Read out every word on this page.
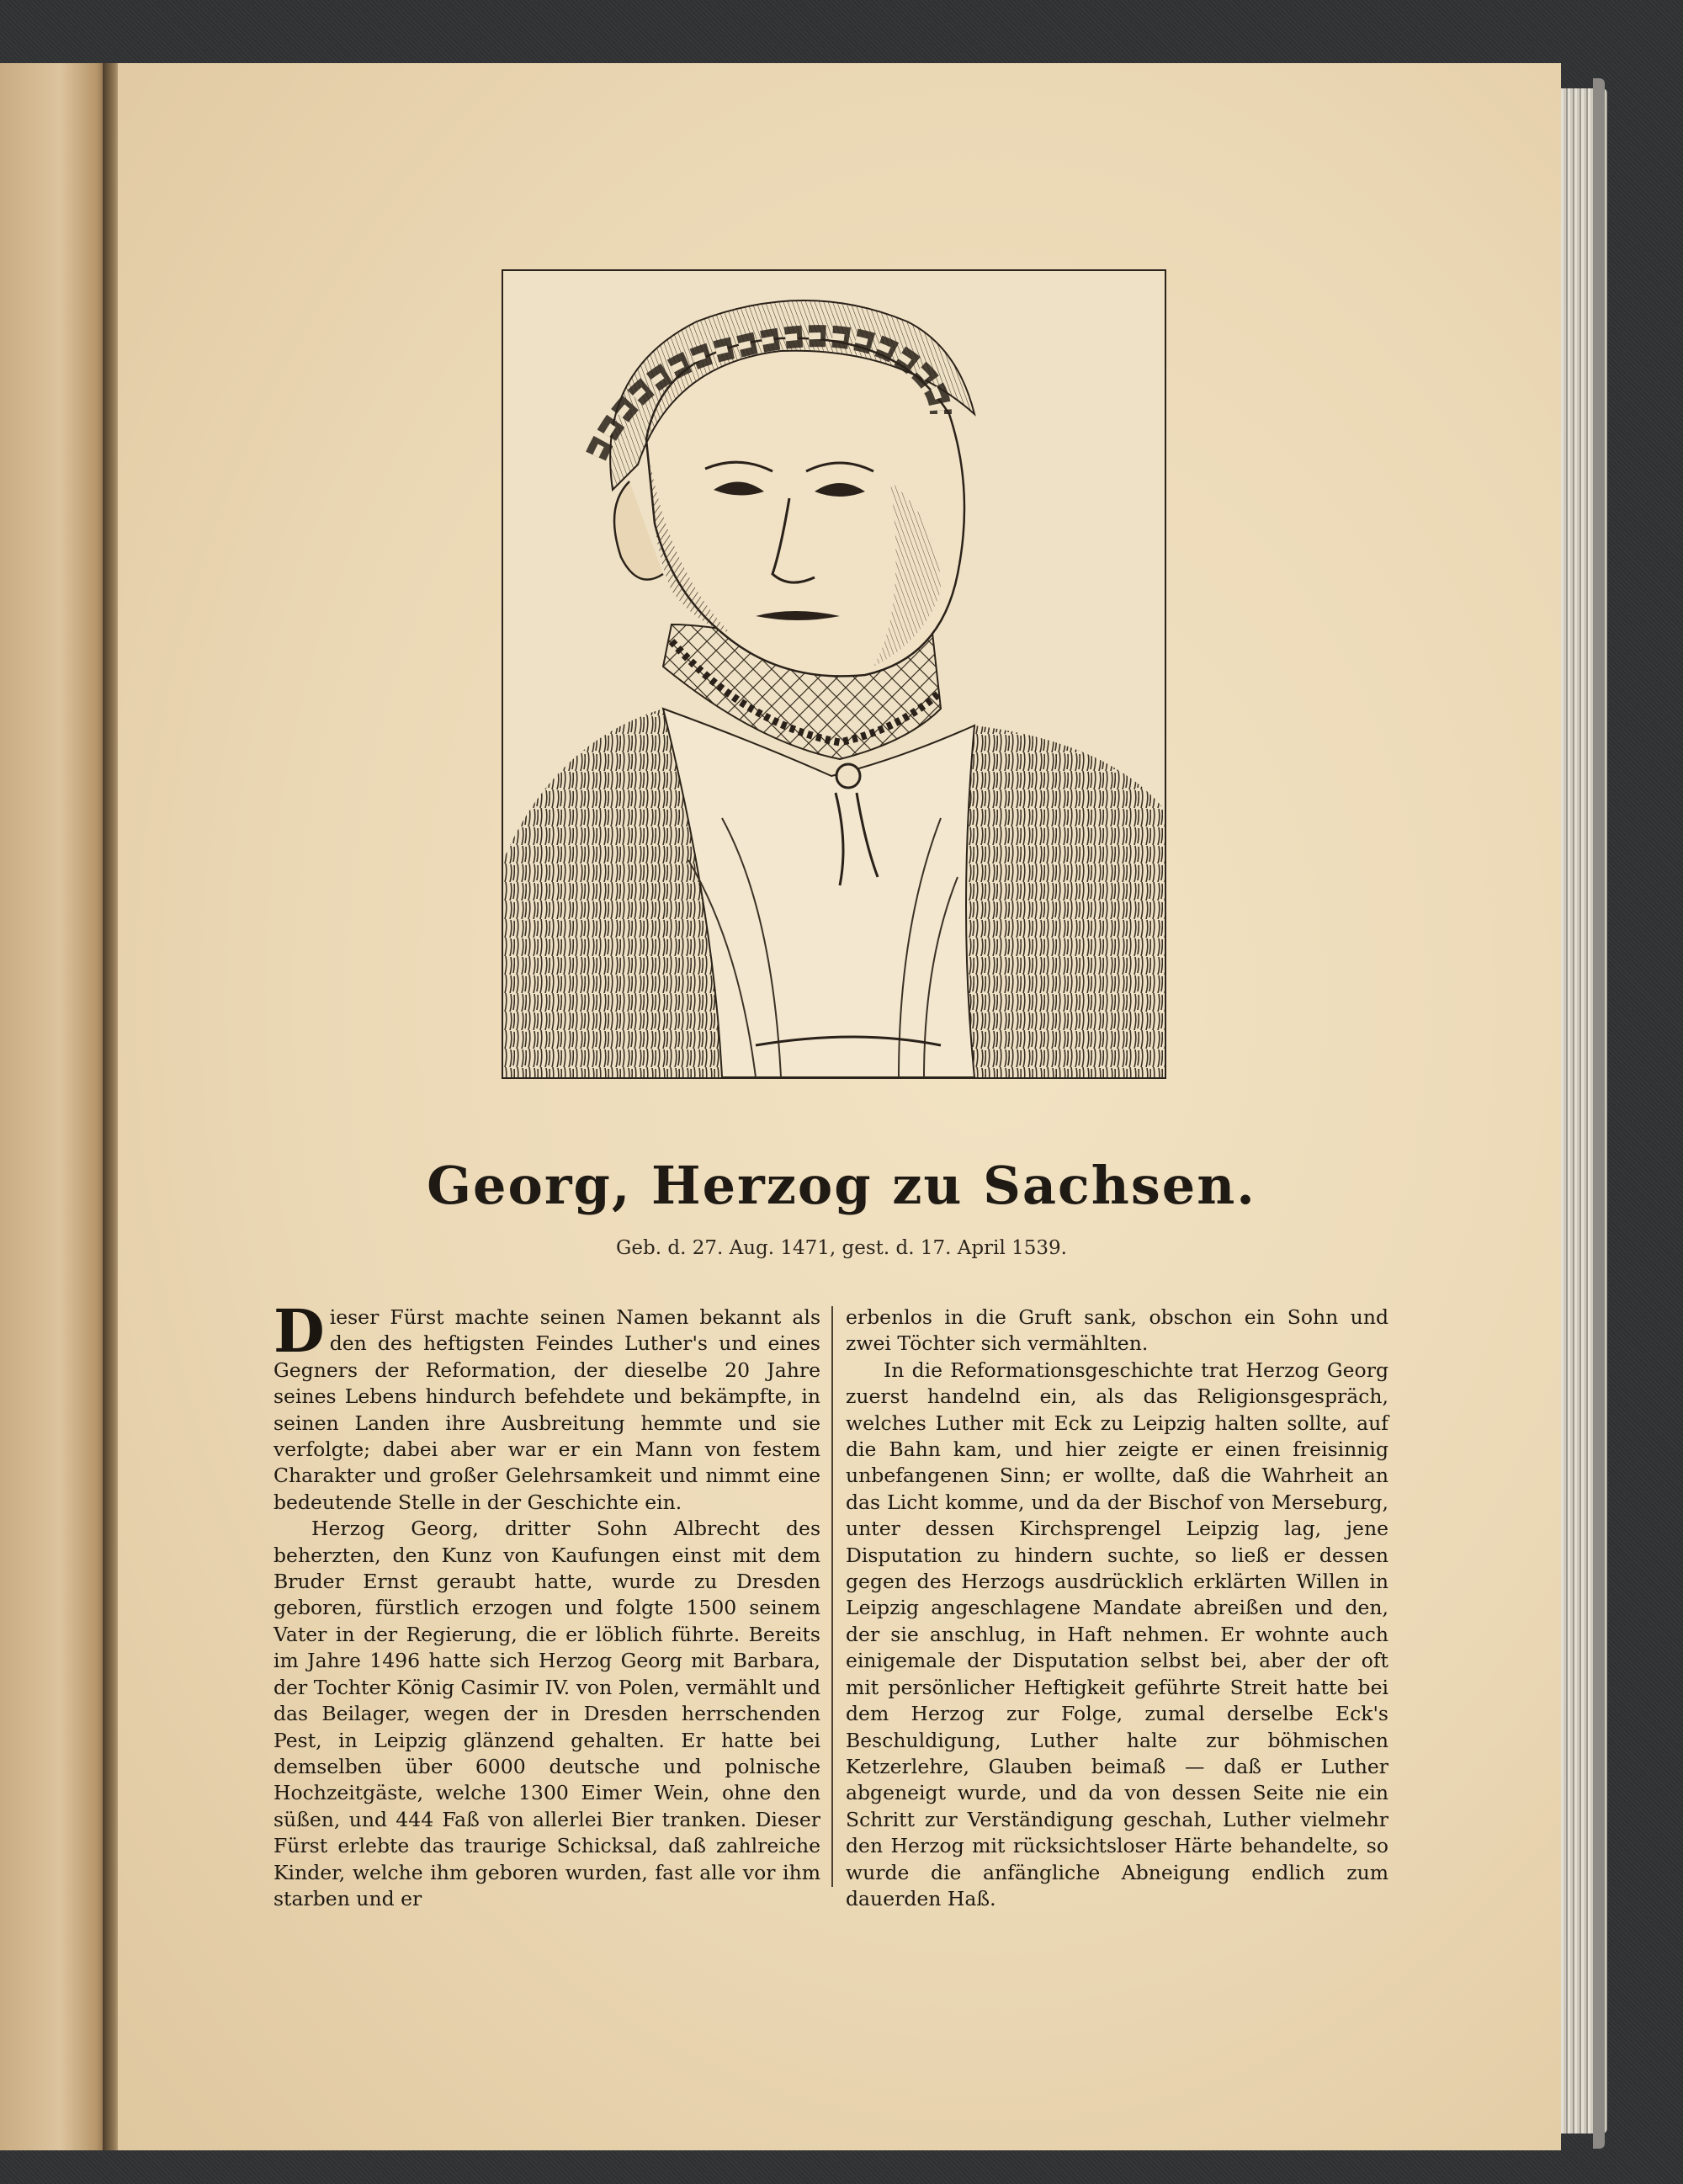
Georg, Herzog zu Sachsen.
Geb. d. 27. Aug. 1471, gest. d. 17. April 1539.

Dieser Fürst machte seinen Namen bekannt als den des heftigsten Feindes Luther's und eines Gegners der Reformation, der dieselbe 20 Jahre seines Lebens hindurch befehdete und bekämpfte, in seinen Landen ihre Ausbreitung hemmte und sie verfolgte; dabei aber war er ein Mann von festem Charakter und großer Gelehrsamkeit und nimmt eine bedeutende Stelle in der Geschichte ein.

Herzog Georg, dritter Sohn Albrecht des beherzten, den Kunz von Kaufungen einst mit dem Bruder Ernst geraubt hatte, wurde zu Dresden geboren, fürstlich erzogen und folgte 1500 seinem Vater in der Regierung, die er löblich führte. Bereits im Jahre 1496 hatte sich Herzog Georg mit Barbara, der Tochter König Casimir IV. von Polen, vermählt und das Beilager, wegen der in Dresden herrschenden Pest, in Leipzig glänzend gehalten. Er hatte bei demselben über 6000 deutsche und polnische Hochzeitgäste, welche 1300 Eimer Wein, ohne den süßen, und 444 Faß von allerlei Bier tranken. Dieser Fürst erlebte das traurige Schicksal, daß zahlreiche Kinder, welche ihm geboren wurden, fast alle vor ihm starben und er

erbenlos in die Gruft sank, obschon ein Sohn und zwei Töchter sich vermählten.

In die Reformationsgeschichte trat Herzog Georg zuerst handelnd ein, als das Religionsgespräch, welches Luther mit Eck zu Leipzig halten sollte, auf die Bahn kam, und hier zeigte er einen freisinnig unbefangenen Sinn; er wollte, daß die Wahrheit an das Licht komme, und da der Bischof von Merseburg, unter dessen Kirchsprengel Leipzig lag, jene Disputation zu hindern suchte, so ließ er dessen gegen des Herzogs ausdrücklich erklärten Willen in Leipzig angeschlagene Mandate abreißen und den, der sie anschlug, in Haft nehmen. Er wohnte auch einigemale der Disputation selbst bei, aber der oft mit persönlicher Heftigkeit geführte Streit hatte bei dem Herzog zur Folge, zumal derselbe Eck's Beschuldigung, Luther halte zur böhmischen Ketzerlehre, Glauben beimaß — daß er Luther abgeneigt wurde, und da von dessen Seite nie ein Schritt zur Verständigung geschah, Luther vielmehr den Herzog mit rücksichtsloser Härte behandelte, so wurde die anfängliche Abneigung endlich zum dauerden Haß.
